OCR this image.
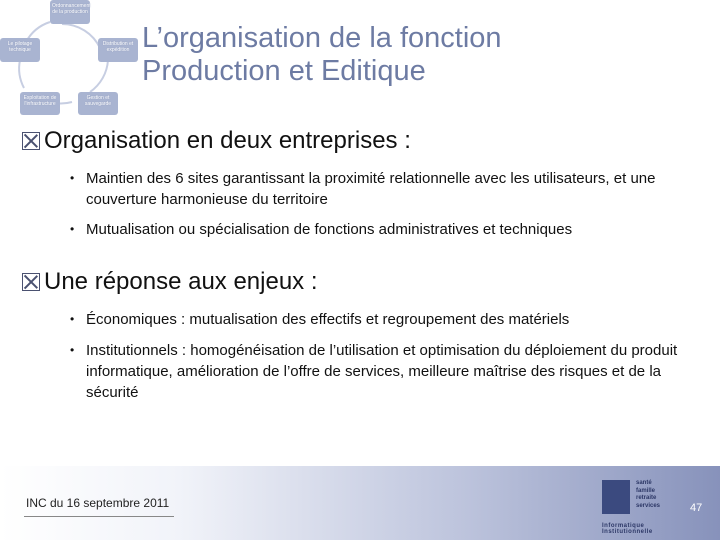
Ordonnancement de la production
Distribution et expédition
Gestion et sauvegarde
Exploitation de l'infrastructure
Le pilotage technique	L’organisation de la fonction
Production et Editique
Organisation en deux entreprises :
• Maintien des 6 sites garantissant la proximité relationnelle avec les utilisateurs, et une couverture harmonieuse du territoire
• Mutualisation ou spécialisation de fonctions administratives et techniques
Une réponse aux enjeux :
• Économiques : mutualisation des effectifs et regroupement des matériels
• Institutionnels : homogénéisation de l’utilisation et optimisation du déploiement du produit informatique, amélioration de l’offre de services, meilleure maîtrise des risques et de la sécurité
INC du 16 septembre 2011	47
santé
famille
retraite
services
Informatique
Institutionnelle
